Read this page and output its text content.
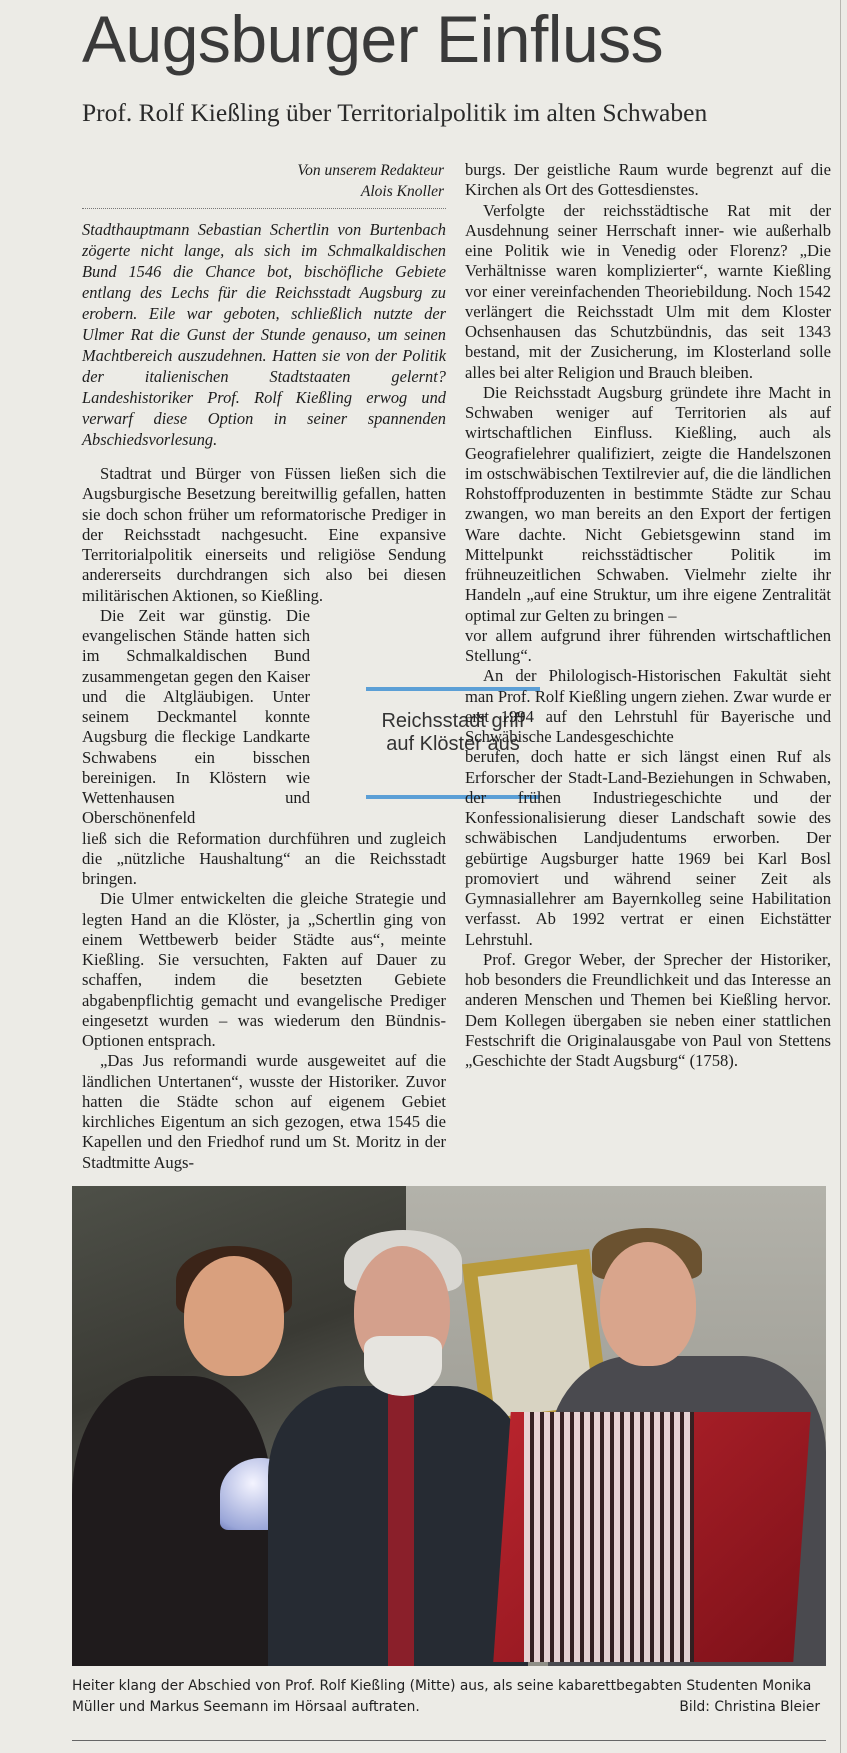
Augsburger Einfluss
Prof. Rolf Kießling über Territorialpolitik im alten Schwaben
Von unserem Redakteur
Alois Knoller

Stadthauptmann Sebastian Schertlin von Burtenbach zögerte nicht lange, als sich im Schmalkaldischen Bund 1546 die Chance bot, bischöfliche Gebiete entlang des Lechs für die Reichsstadt Augsburg zu erobern. Eile war geboten, schließlich nutzte der Ulmer Rat die Gunst der Stunde genauso, um seinen Machtbereich auszudehnen. Hatten sie von der Politik der italienischen Stadtstaaten gelernt? Landeshistoriker Prof. Rolf Kießling erwog und verwarf diese Option in seiner spannenden Abschiedsvorlesung.

Stadtrat und Bürger von Füssen ließen sich die Augsburgische Besetzung bereitwillig gefallen, hatten sie doch schon früher um reformatorische Prediger in der Reichsstadt nachgesucht. Eine expansive Territorialpolitik einerseits und religiöse Sendung andererseits durchdrangen sich also bei diesen militärischen Aktionen, so Kießling.

Die Zeit war günstig. Die evangelischen Stände hatten sich im Schmalkaldischen Bund zusammengetan gegen den Kaiser und die Altgläubigen. Unter seinem Deckmantel konnte Augsburg die fleckige Landkarte Schwabens ein bisschen bereinigen. In Klöstern wie Wettenhausen und Oberschönenfeld

ließ sich die Reformation durchführen und zugleich die „nützliche Haushaltung“ an die Reichsstadt bringen.

Die Ulmer entwickelten die gleiche Strategie und legten Hand an die Klöster, ja „Schertlin ging von einem Wettbewerb beider Städte aus“, meinte Kießling. Sie versuchten, Fakten auf Dauer zu schaffen, indem die besetzten Gebiete abgabenpflichtig gemacht und evangelische Prediger eingesetzt wurden – was wiederum den Bündnis-Optionen entsprach.

„Das Jus reformandi wurde ausgeweitet auf die ländlichen Untertanen“, wusste der Historiker. Zuvor hatten die Städte schon auf eigenem Gebiet kirchliches Eigentum an sich gezogen, etwa 1545 die Kapellen und den Friedhof rund um St. Moritz in der Stadtmitte Augs-

Reichsstadt griff auf Klöster aus

burgs. Der geistliche Raum wurde begrenzt auf die Kirchen als Ort des Gottesdienstes.

Verfolgte der reichsstädtische Rat mit der Ausdehnung seiner Herrschaft inner- wie außerhalb eine Politik wie in Venedig oder Florenz? „Die Verhältnisse waren komplizierter“, warnte Kießling vor einer vereinfachenden Theoriebildung. Noch 1542 verlängert die Reichsstadt Ulm mit dem Kloster Ochsenhausen das Schutzbündnis, das seit 1343 bestand, mit der Zusicherung, im Klosterland solle alles bei alter Religion und Brauch bleiben.

Die Reichsstadt Augsburg gründete ihre Macht in Schwaben weniger auf Territorien als auf wirtschaftlichen Einfluss. Kießling, auch als Geografielehrer qualifiziert, zeigte die Handelszonen im ostschwäbischen Textilrevier auf, die die ländlichen Rohstoffproduzenten in bestimmte Städte zur Schau zwangen, wo man bereits an den Export der fertigen Ware dachte. Nicht Gebietsgewinn stand im Mittelpunkt reichsstädtischer Politik im frühneuzeitlichen Schwaben. Vielmehr zielte ihr Handeln „auf eine Struktur, um ihre eigene Zentralität optimal zur Gelten zu bringen –

vor allem aufgrund ihrer führenden wirtschaftlichen Stellung“.

An der Philologisch-Historischen Fakultät sieht man Prof. Rolf Kießling ungern ziehen. Zwar wurde er erst 1994 auf den Lehrstuhl für Bayerische und Schwäbische Landesgeschichte

berufen, doch hatte er sich längst einen Ruf als Erforscher der Stadt-Land-Beziehungen in Schwaben, der frühen Industriegeschichte und der Konfessionalisierung dieser Landschaft sowie des schwäbischen Landjudentums erworben. Der gebürtige Augsburger hatte 1969 bei Karl Bosl promoviert und während seiner Zeit als Gymnasiallehrer am Bayernkolleg seine Habilitation verfasst. Ab 1992 vertrat er einen Eichstätter Lehrstuhl.

Prof. Gregor Weber, der Sprecher der Historiker, hob besonders die Freundlichkeit und das Interesse an anderen Menschen und Themen bei Kießling hervor. Dem Kollegen übergaben sie neben einer stattlichen Festschrift die Originalausgabe von Paul von Stettens „Geschichte der Stadt Augsburg“ (1758).

Heiter klang der Abschied von Prof. Rolf Kießling (Mitte) aus, als seine kabarettbegabten Studenten Monika Müller und Markus Seemann im Hörsaal auftraten.	Bild: Christina Bleier
